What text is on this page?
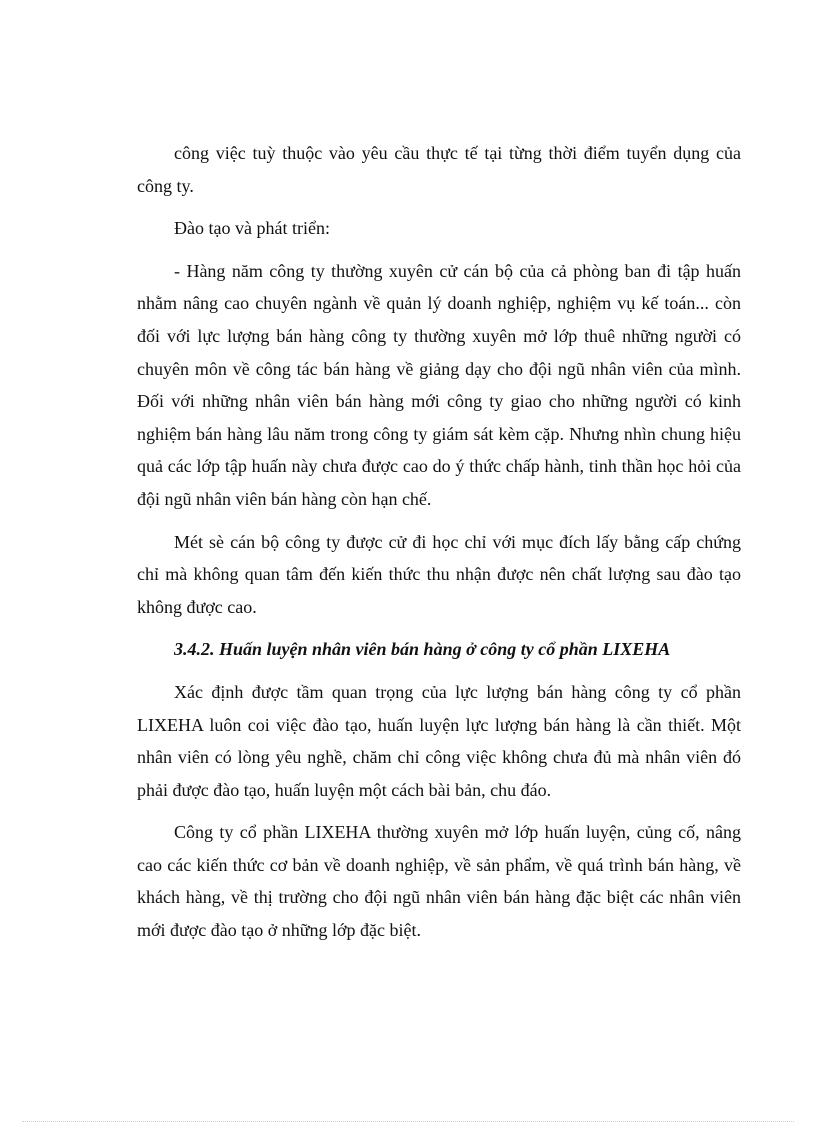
công việc tuỳ thuộc vào yêu cầu thực tế tại từng thời điểm tuyển dụng của công ty.

Đào tạo và phát triển:

- Hàng năm công ty thường xuyên cử cán bộ của cả phòng ban đi tập huấn nhằm nâng cao chuyên ngành về quản lý doanh nghiệp, nghiệm vụ kế toán... còn đối với lực lượng bán hàng công ty thường xuyên mở lớp thuê những người có chuyên môn về công tác bán hàng về giảng dạy cho đội ngũ nhân viên của mình. Đối với những nhân viên bán hàng mới công ty giao cho những người có kinh nghiệm bán hàng lâu năm trong công ty giám sát kèm cặp. Nhưng nhìn chung hiệu quả các lớp tập huấn này chưa được cao do ý thức chấp hành, tinh thần học hỏi của đội ngũ nhân viên bán hàng còn hạn chế.

Mét sè cán bộ công ty được cử đi học chỉ với mục đích lấy bằng cấp chứng chỉ mà không quan tâm đến kiến thức thu nhận được nên chất lượng sau đào tạo không được cao.

3.4.2. Huấn luyện nhân viên bán hàng ở công ty cổ phần LIXEHA

Xác định được tầm quan trọng của lực lượng bán hàng công ty cổ phần LIXEHA luôn coi việc đào tạo, huấn luyện lực lượng bán hàng là cần thiết. Một nhân viên có lòng yêu nghề, chăm chỉ công việc không chưa đủ mà nhân viên đó phải được đào tạo, huấn luyện một cách bài bản, chu đáo.

Công ty cổ phần LIXEHA thường xuyên mở lớp huấn luyện, củng cố, nâng cao các kiến thức cơ bản về doanh nghiệp, về sản phẩm, về quá trình bán hàng, về khách hàng, về thị trường cho đội ngũ nhân viên bán hàng đặc biệt các nhân viên mới được đào tạo ở những lớp đặc biệt.
